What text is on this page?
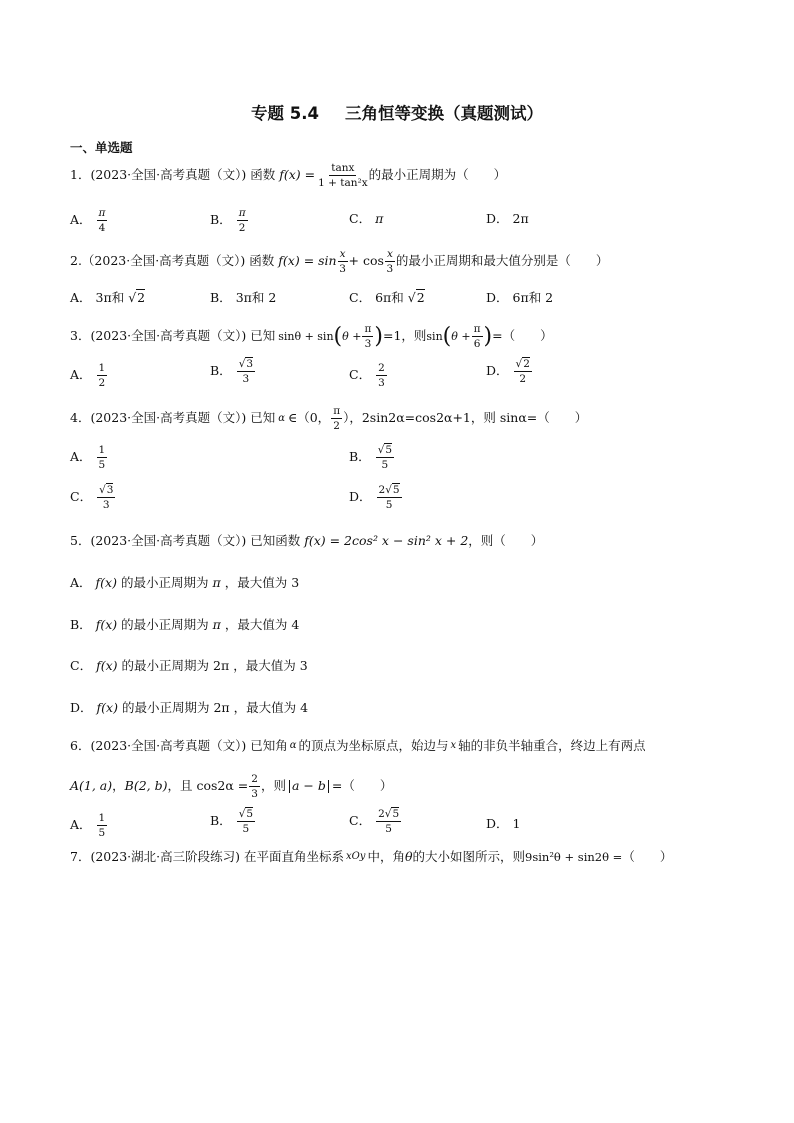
专题 5.4 三角恒等变换（真题测试）
一、单选题
1．(2023·全国·高考真题（文）) 函数 $f(x) = \frac{\tan x}{\text{1 + tan²x}}$ 的最小正周期为（　　）
A． $\frac{\pi}{4}$	B． $\frac{\pi}{2}$	C． π	D． 2π
2.（2023·全国·高考真题（文）) 函数 $f(x) = \sin \frac{x}{3} + \cos \frac{x}{3}$ 的最小正周期和最大值分别是（　　）
A． 3π和 √2	B． 3π和 2	C． 6π和 √2	D． 6π和 2
3．(2023·全国·高考真题（文）) 已知 sinθ + sin ( $\theta + \frac{\pi}{3}$ ) =1，则 sin ( $\theta + \frac{\pi}{6}$ ) =（　　）
A． $\frac{1}{2}$	B． $\frac{√3}{3}$	C． $\frac{2}{3}$	D． $\frac{√2}{2}$
4．(2023·全国·高考真题（文）) 已知 α ∈（0， $\frac{\pi}{2}$ ），2sin2α=cos2α+1，则 sinα=（　　）
A． $\frac{1}{5}$	B． $\frac{√5}{5}$
C． $\frac{√3}{3}$	D． $\frac{2√5}{5}$
5．(2023·全国·高考真题（文）) 已知函数 f(x) = 2cos² x − sin² x + 2 ，则（　　）
A． f(x) 的最小正周期为 π ，最大值为 3
B． f(x) 的最小正周期为 π ，最大值为 4
C． f(x) 的最小正周期为 2π ，最大值为 3
D． f(x) 的最小正周期为 2π ，最大值为 4
6．(2023·全国·高考真题（文）) 已知角 α 的顶点为坐标原点，始边与 x 轴的非负半轴重合，终边上有两点
A(1, a) ， B(2, b) ，且 $\cos 2\alpha = \frac{2}{3}$ ，则 a − b =（　　）
A． $\frac{1}{5}$	B． $\frac{√5}{5}$	C． $\frac{2√5}{5}$	D． 1
7．(2023·湖北·高三阶段练习) 在平面直角坐标系 xOy 中，角 θ 的大小如图所示，则 9sin²θ + sin2θ = （　　）
